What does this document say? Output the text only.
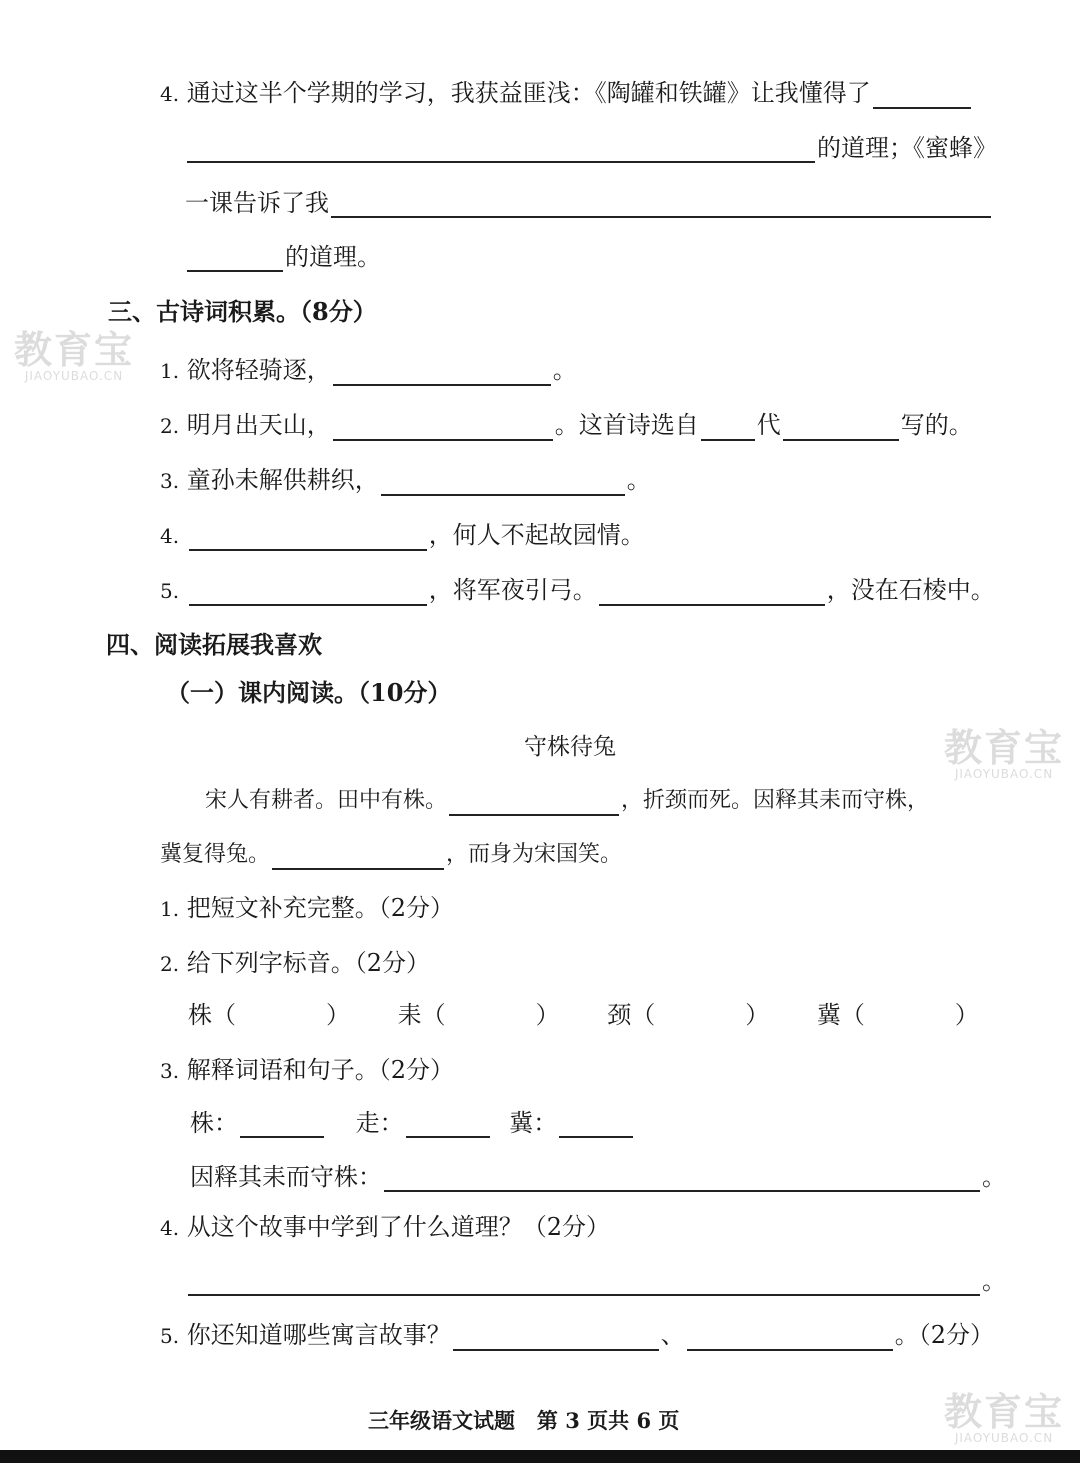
4. 通过这半个学期的学习，我获益匪浅：《陶罐和铁罐》让我懂得了
的道理；《蜜蜂》
一课告诉了我
的道理。
三、古诗词积累。（8分）
1. 欲将轻骑逐，	。
2. 明月出天山，	。这首诗选自 代	写的。
3. 童孙未解供耕织，	。
4.	，何人不起故园情。
5.	，将军夜引弓。	，没在石棱中。
四、阅读拓展我喜欢
（一）课内阅读。（10分）
守株待兔
宋人有耕者。田中有株。	，折颈而死。因释其耒而守株，
冀复得兔。	，而身为宋国笑。
1. 把短文补充完整。（2分）
2. 给下列字标音。（2分）
株（	） 耒（	） 颈（	） 冀（	）
3. 解释词语和句子。（2分）
株：	走：	冀：
因释其耒而守株：	。
4. 从这个故事中学到了什么道理？（2分）
。
5. 你还知道哪些寓言故事？	、	。（2分）
三年级语文试题   第 3 页共 6 页
教育宝
JIAOYUBAO.CN
教育宝
JIAOYUBAO.CN
教育宝
JIAOYUBAO.CN
